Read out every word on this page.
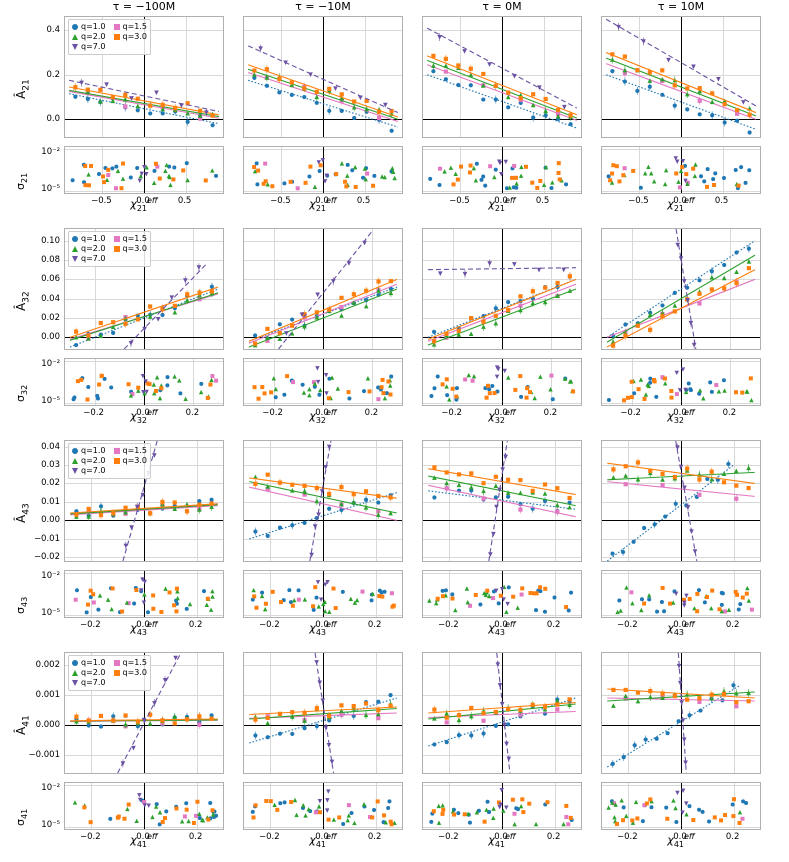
τ = −100M	τ = −10M	τ = 0M	τ = 10M
0.0
0.2
0.4
10⁻⁵
10⁻²
−0.5	0.0	0.5
$\chi_{21}^{eff}$	−0.5	0.0	0.5
$\chi_{21}^{eff}$	−0.5	0.0	0.5
$\chi_{21}^{eff}$	−0.5	0.0	0.5
$\chi_{21}^{eff}$
$Â_{21}$
$\sigma_{21}$
0.00
0.02
0.04
0.06
0.08
0.10
10⁻⁵
10⁻²
−0.2	0.0	0.2
$\chi_{32}^{eff}$	−0.2	0.0	0.2
$\chi_{32}^{eff}$	−0.2	0.0	0.2
$\chi_{32}^{eff}$	−0.2	0.0	0.2
$\chi_{32}^{eff}$
$Â_{32}$
$\sigma_{32}$
−0.02
−0.01
0.00
0.01
0.02
0.03
0.04
10⁻⁵
10⁻²
−0.2	0.0	0.2
$\chi_{43}^{eff}$	−0.2	0.0	0.2
$\chi_{43}^{eff}$	−0.2	0.0	0.2
$\chi_{43}^{eff}$	−0.2	0.0	0.2
$\chi_{43}^{eff}$
$Â_{43}$
$\sigma_{43}$
−0.001
0.000
0.001
0.002
10⁻⁵
10⁻²
−0.2	0.0	0.2
$\chi_{41}^{eff}$	−0.2	0.0	0.2
$\chi_{41}^{eff}$	−0.2	0.0	0.2
$\chi_{41}^{eff}$	−0.2	0.0	0.2
$\chi_{41}^{eff}$
$Â_{41}$
$\sigma_{41}$
q=1.0 q=1.5
q=2.0 q=3.0
q=7.0
q=1.0 q=1.5
q=2.0 q=3.0
q=7.0
q=1.0 q=1.5
q=2.0 q=3.0
q=7.0
q=1.0 q=1.5
q=2.0 q=3.0
q=7.0
